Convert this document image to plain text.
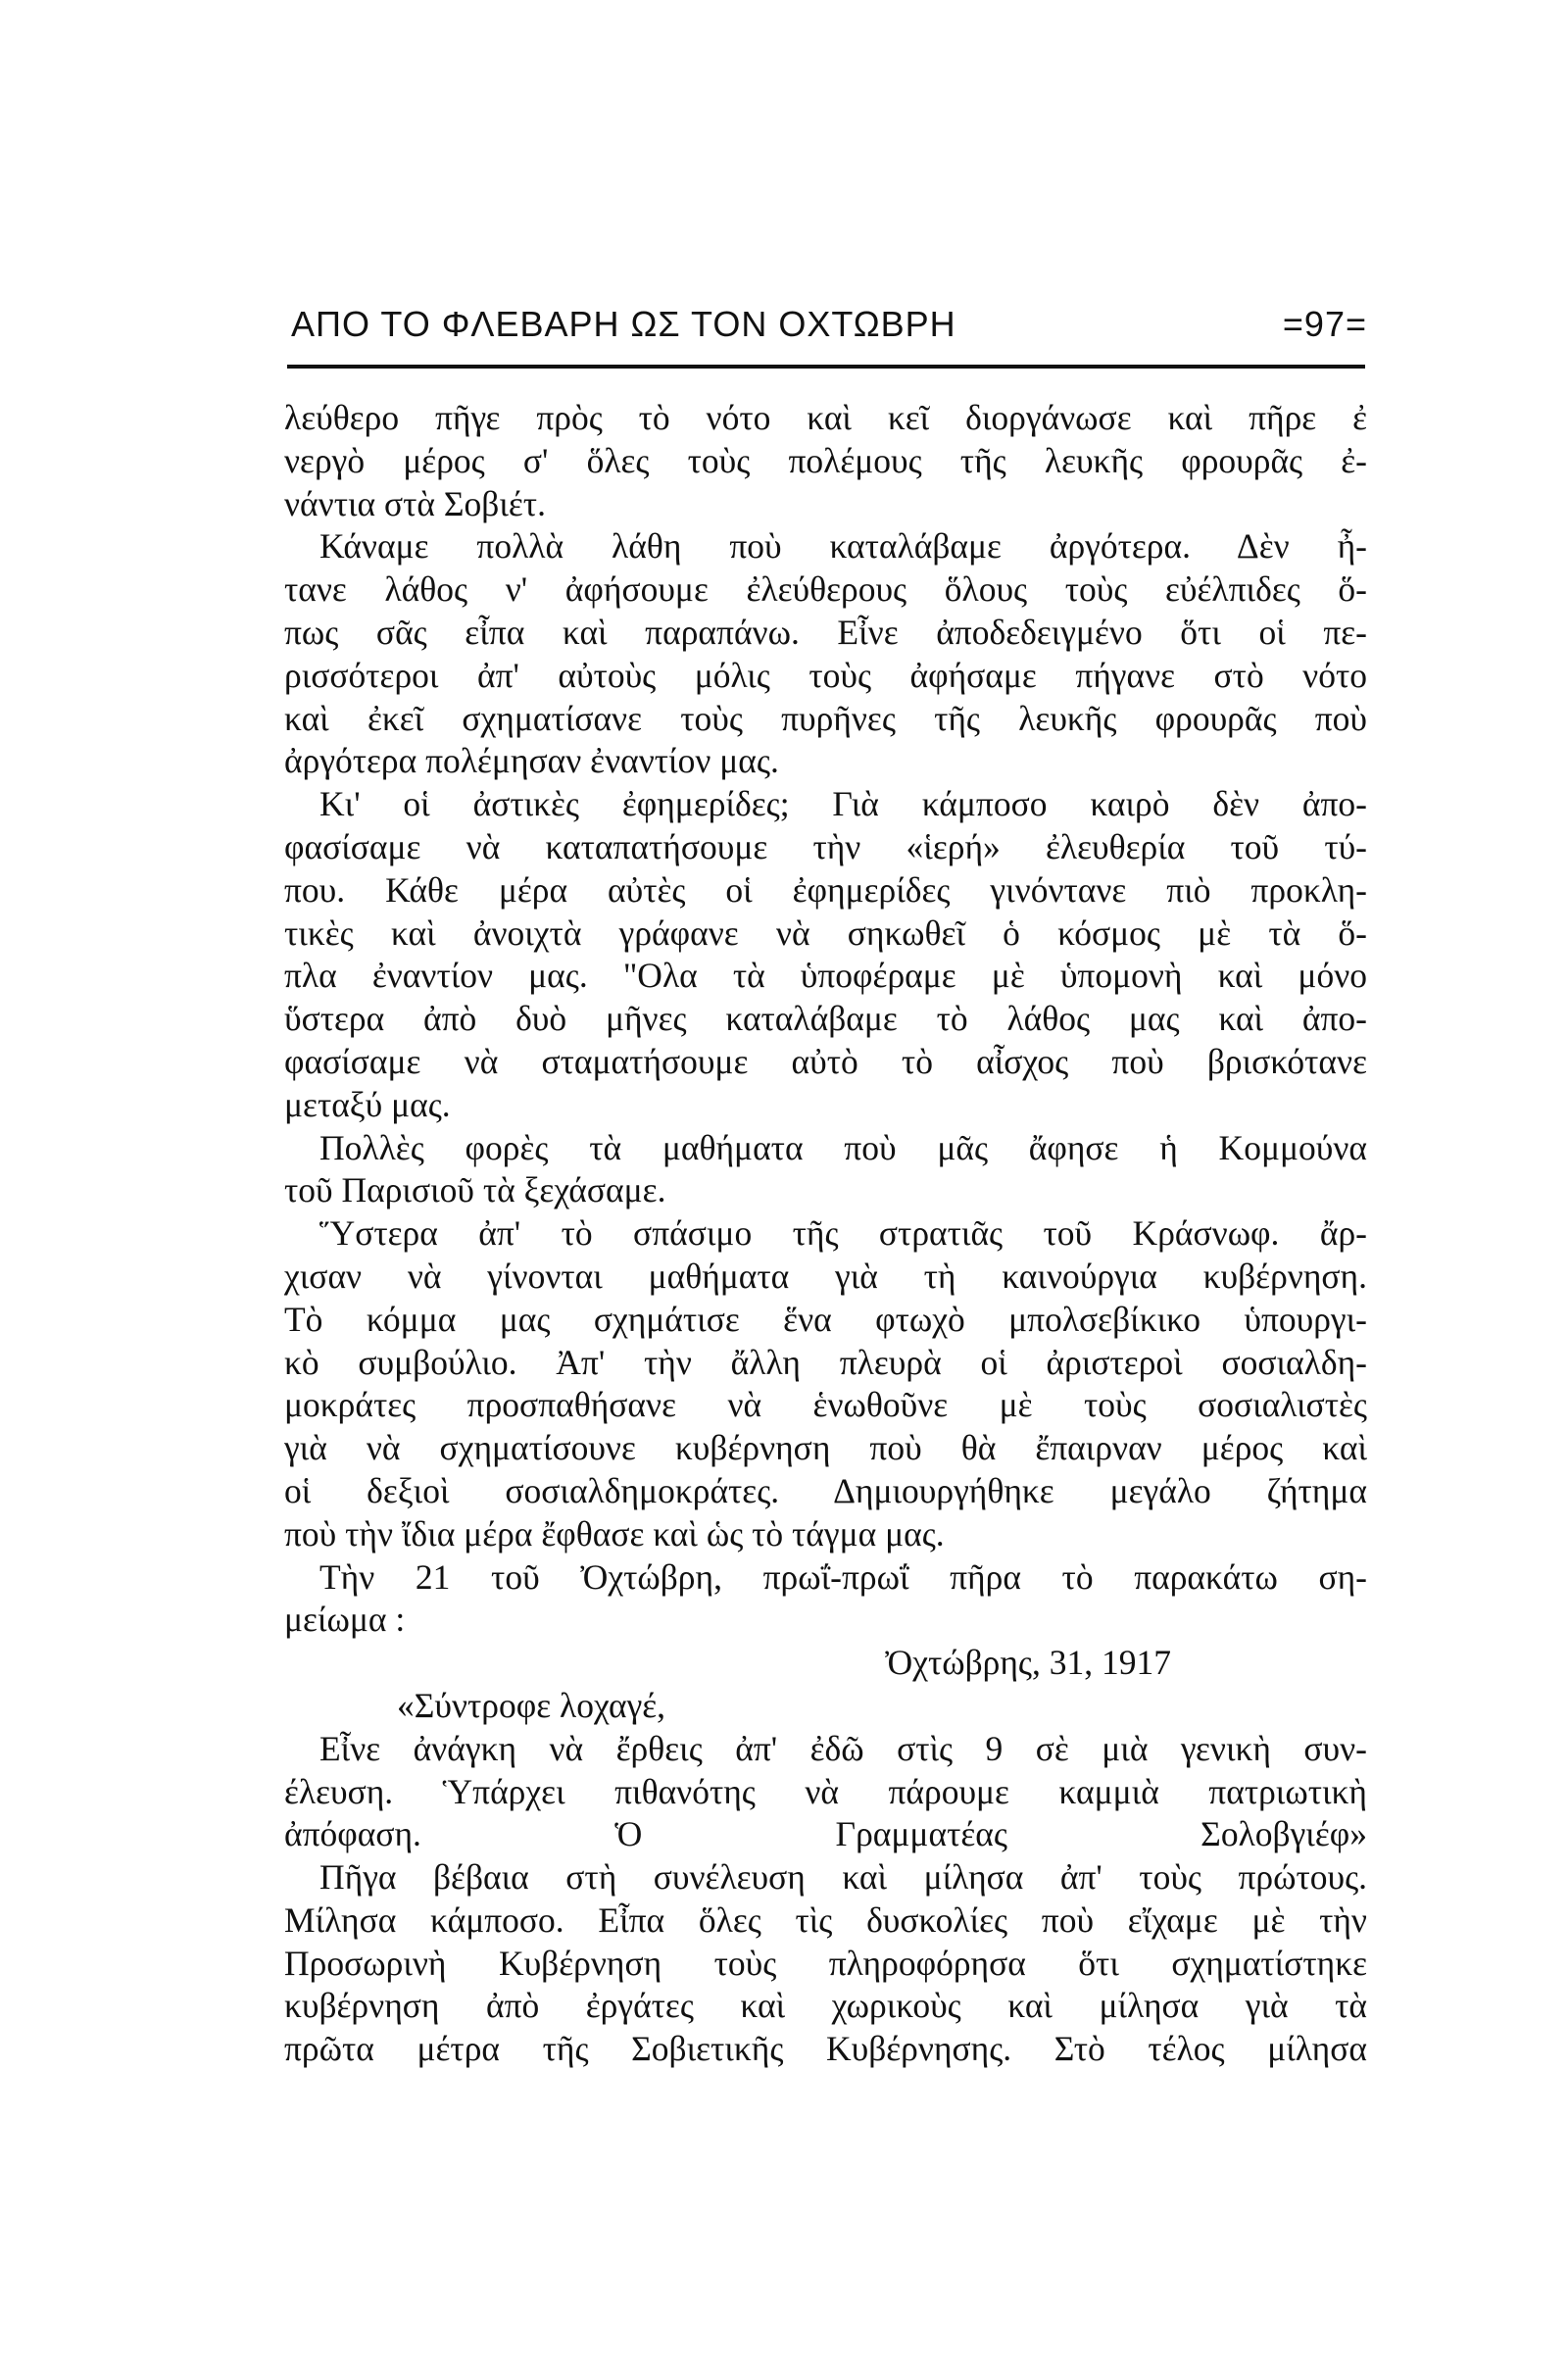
ΑΠΟ ΤΟ ΦΛΕΒΑΡΗ ΩΣ ΤΟΝ ΟΧΤΩΒΡΗ	=97=
λεύθερο πῆγε πρὸς τὸ νότο καὶ κεῖ διοργάνωσε καὶ πῆρε ἐ
νεργὸ μέρος σ' ὅλες τοὺς πολέμους τῆς λευκῆς φρουρᾶς ἐ-
νάντια στὰ Σοβιέτ.
Κάναμε πολλὰ λάθη ποὺ καταλάβαμε ἀργότερα. Δὲν ἦ-
τανε λάθος ν' ἀφήσουμε ἐλεύθερους ὅλους τοὺς εὐέλπιδες ὅ-
πως σᾶς εἶπα καὶ παραπάνω. Εἶνε ἀποδεδειγμένο ὅτι οἱ πε-
ρισσότεροι ἀπ' αὐτοὺς μόλις τοὺς ἀφήσαμε πήγανε στὸ νότο
καὶ ἐκεῖ σχηματίσανε τοὺς πυρῆνες τῆς λευκῆς φρουρᾶς ποὺ
ἀργότερα πολέμησαν ἐναντίον μας.
Κι' οἱ ἀστικὲς ἐφημερίδες; Γιὰ κάμποσο καιρὸ δὲν ἀπο-
φασίσαμε νὰ καταπατήσουμε τὴν «ἱερή» ἐλευθερία τοῦ τύ-
που. Κάθε μέρα αὐτὲς οἱ ἐφημερίδες γινόντανε πιὸ προκλη-
τικὲς καὶ ἀνοιχτὰ γράφανε νὰ σηκωθεῖ ὁ κόσμος μὲ τὰ ὅ-
πλα ἐναντίον μας. "Ολα τὰ ὑποφέραμε μὲ ὑπομονὴ καὶ μόνο
ὕστερα ἀπὸ δυὸ μῆνες καταλάβαμε τὸ λάθος μας καὶ ἀπο-
φασίσαμε νὰ σταματήσουμε αὐτὸ τὸ αἶσχος ποὺ βρισκότανε
μεταξύ μας.
Πολλὲς φορὲς τὰ μαθήματα ποὺ μᾶς ἄφησε ἡ Κομμούνα
τοῦ Παρισιοῦ τὰ ξεχάσαμε.
Ὕστερα ἀπ' τὸ σπάσιμο τῆς στρατιᾶς τοῦ Κράσνωφ. ἄρ-
χισαν νὰ γίνονται μαθήματα γιὰ τὴ καινούργια κυβέρνηση.
Τὸ κόμμα μας σχημάτισε ἕνα φτωχὸ μπολσεβίκικο ὑπουργι-
κὸ συμβούλιο. Ἀπ' τὴν ἄλλη πλευρὰ οἱ ἀριστεροὶ σοσιαλδη-
μοκράτες προσπαθήσανε νὰ ἑνωθοῦνε μὲ τοὺς σοσιαλιστὲς
γιὰ νὰ σχηματίσουνε κυβέρνηση ποὺ θὰ ἔπαιρναν μέρος καὶ
οἱ δεξιοὶ σοσιαλδημοκράτες. Δημιουργήθηκε μεγάλο ζήτημα
ποὺ τὴν ἴδια μέρα ἔφθασε καὶ ὡς τὸ τάγμα μας.
Τὴν 21 τοῦ Ὀχτώβρη, πρωΐ-πρωΐ πῆρα τὸ παρακάτω ση-
μείωμα :
Ὀχτώβρης, 31, 1917
«Σύντροφε λοχαγέ,
Εἶνε ἀνάγκη νὰ ἔρθεις ἀπ' ἐδῶ στὶς 9 σὲ μιὰ γενικὴ συν-
έλευση. Ὑπάρχει πιθανότης νὰ πάρουμε καμμιὰ πατριωτικὴ
ἀπόφαση. Ὁ Γραμματέας Σολοβγιέφ»
Πῆγα βέβαια στὴ συνέλευση καὶ μίλησα ἀπ' τοὺς πρώτους.
Μίλησα κάμποσο. Εἶπα ὅλες τὶς δυσκολίες ποὺ εἴχαμε μὲ τὴν
Προσωρινὴ Κυβέρνηση τοὺς πληροφόρησα ὅτι σχηματίστηκε
κυβέρνηση ἀπὸ ἐργάτες καὶ χωρικοὺς καὶ μίλησα γιὰ τὰ
πρῶτα μέτρα τῆς Σοβιετικῆς Κυβέρνησης. Στὸ τέλος μίλησα
